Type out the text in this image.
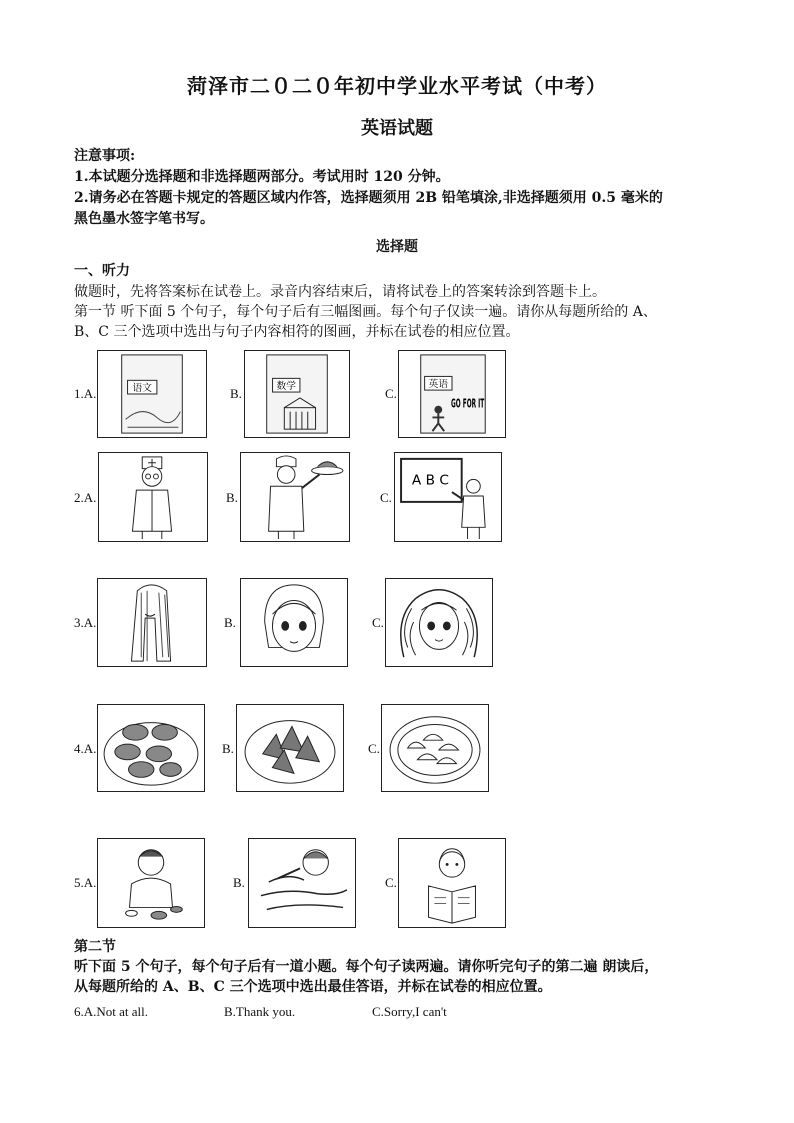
菏泽市二０二０年初中学业水平考试（中考）
英语试题
注意事项:
1.本试题分选择题和非选择题两部分。考试用时 120 分钟。
2.请务必在答题卡规定的答题区域内作答，选择题须用 2B 铅笔填涂,非选择题须用 0.5 毫米的
黑色墨水签字笔书写。
选择题
一、听力
做题时，先将答案标在试卷上。录音内容结束后，请将试卷上的答案转涂到答题卡上。
第一节 听下面 5 个句子，每个句子后有三幅图画。每个句子仅读一遍。请你从每题所给的 A、
B、C 三个选项中选出与句子内容相符的图画，并标在试卷的相应位置。
1.A.	语文	B.	数学	C.
英语
GO FOR IT
2.A.	B.	C.
A B C
3.A.	B.	C.
4.A.	B.	C.
5.A.	B.	C.
第二节
听下面 5 个句子，每个句子后有一道小题。每个句子读两遍。请你听完句子的第二遍 朗读后，
从每题所给的 A、B、C 三个选项中选出最佳答语，并标在试卷的相应位置。
6.A.Not at all.	B.Thank you.	C.Sorry,I can't
